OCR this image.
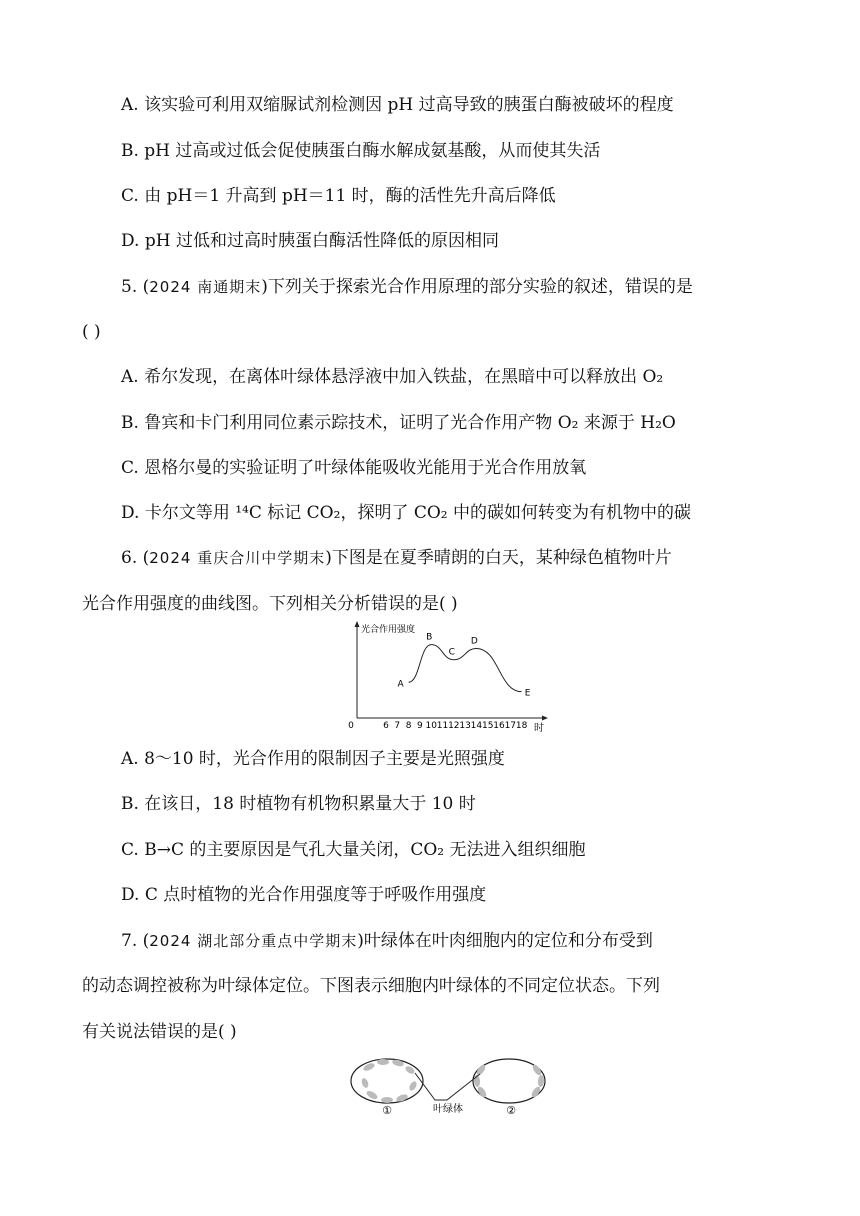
A. 该实验可利用双缩脲试剂检测因 pH 过高导致的胰蛋白酶被破坏的程度
B. pH 过高或过低会促使胰蛋白酶水解成氨基酸，从而使其失活
C. 由 pH＝1 升高到 pH＝11 时，酶的活性先升高后降低
D. pH 过低和过高时胰蛋白酶活性降低的原因相同
5. (2024 南通期末)下列关于探索光合作用原理的部分实验的叙述，错误的是
( )
A. 希尔发现，在离体叶绿体悬浮液中加入铁盐，在黑暗中可以释放出 O₂
B. 鲁宾和卡门利用同位素示踪技术，证明了光合作用产物 O₂ 来源于 H₂O
C. 恩格尔曼的实验证明了叶绿体能吸收光能用于光合作用放氧
D. 卡尔文等用 ¹⁴C 标记 CO₂，探明了 CO₂ 中的碳如何转变为有机物中的碳
6. (2024 重庆合川中学期末)下图是在夏季晴朗的白天，某种绿色植物叶片
光合作用强度的曲线图。下列相关分析错误的是( )
光合作用强度
时
0	6 7 8 9 10 11 12 13 14 15 16 17 18
A
B
C
D
E
A. 8～10 时，光合作用的限制因子主要是光照强度
B. 在该日，18 时植物有机物积累量大于 10 时
C. B→C 的主要原因是气孔大量关闭，CO₂ 无法进入组织细胞
D. C 点时植物的光合作用强度等于呼吸作用强度
7. (2024 湖北部分重点中学期末)叶绿体在叶肉细胞内的定位和分布受到
的动态调控被称为叶绿体定位。下图表示细胞内叶绿体的不同定位状态。下列
有关说法错误的是( )
①	②
叶绿体
